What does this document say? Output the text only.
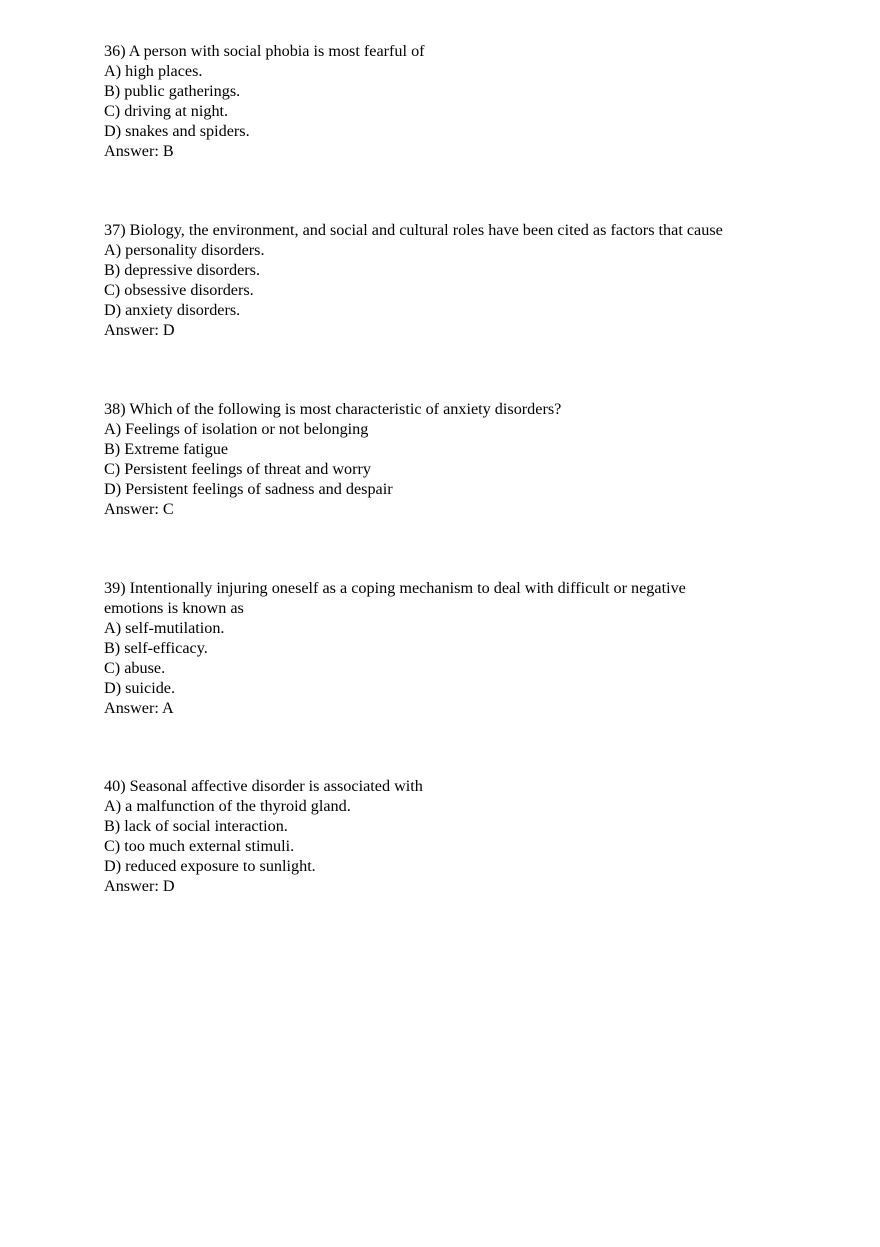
36) A person with social phobia is most fearful of
A) high places.
B) public gatherings.
C) driving at night.
D) snakes and spiders.
Answer: B
37) Biology, the environment, and social and cultural roles have been cited as factors that cause
A) personality disorders.
B) depressive disorders.
C) obsessive disorders.
D) anxiety disorders.
Answer: D
38) Which of the following is most characteristic of anxiety disorders?
A) Feelings of isolation or not belonging
B) Extreme fatigue
C) Persistent feelings of threat and worry
D) Persistent feelings of sadness and despair
Answer: C
39) Intentionally injuring oneself as a coping mechanism to deal with difficult or negative
emotions is known as
A) self-mutilation.
B) self-efficacy.
C) abuse.
D) suicide.
Answer: A
40) Seasonal affective disorder is associated with
A) a malfunction of the thyroid gland.
B) lack of social interaction.
C) too much external stimuli.
D) reduced exposure to sunlight.
Answer: D
